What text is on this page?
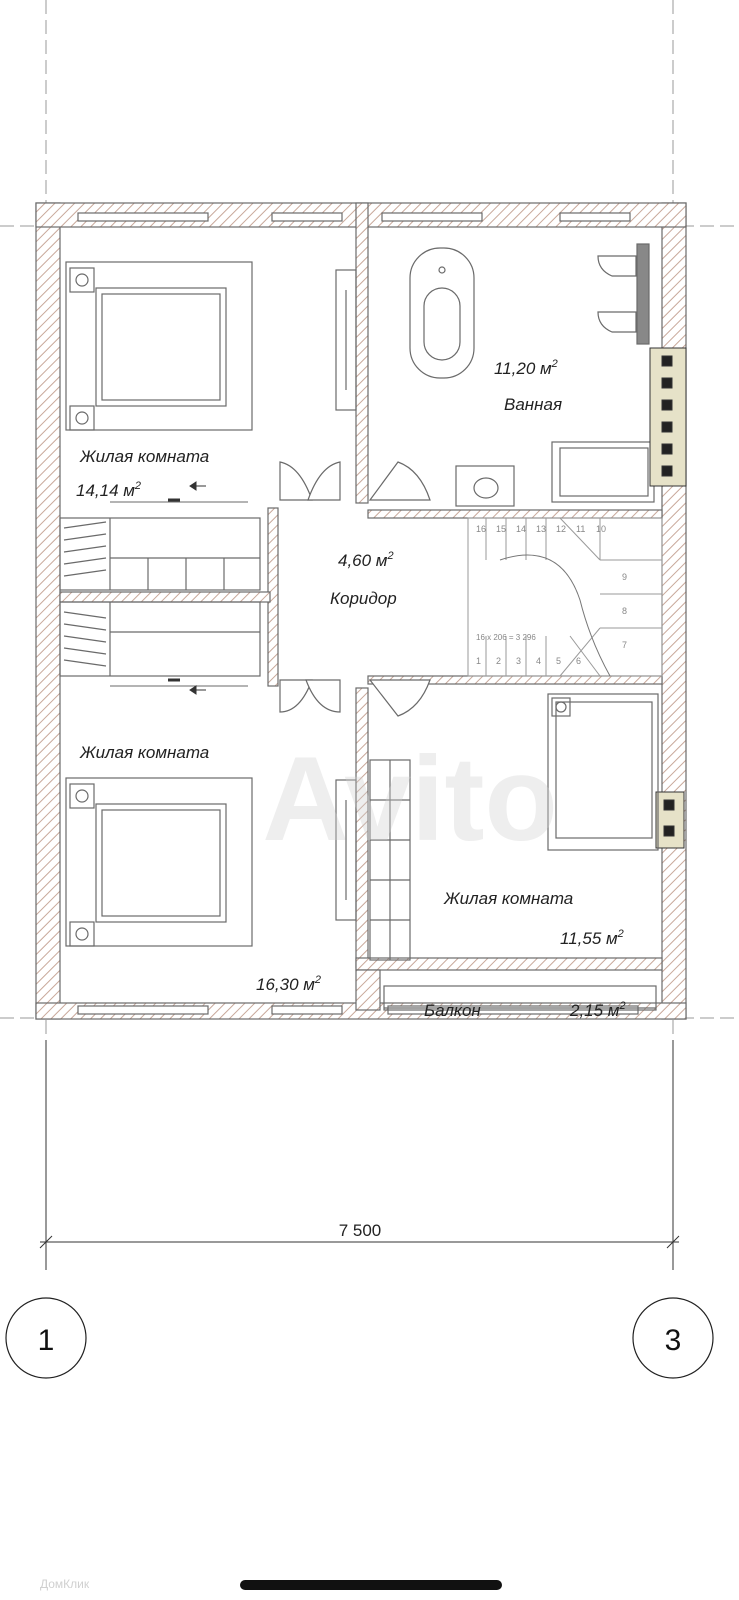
16 15 14 13 12 11 10
9
8
7
1 2 3 4 5 6
16 x 206 = 3 296
Жилая комната
14,14 $м^2$
11,20 $м^2$
Ванная
4,60 $м^2$
Коридор
Жилая комната
16,30 $м^2$
Жилая комната
11,55 $м^2$
Балкон	2,15 $м^2$
Avito
7 500
1	3
ДомКлик
